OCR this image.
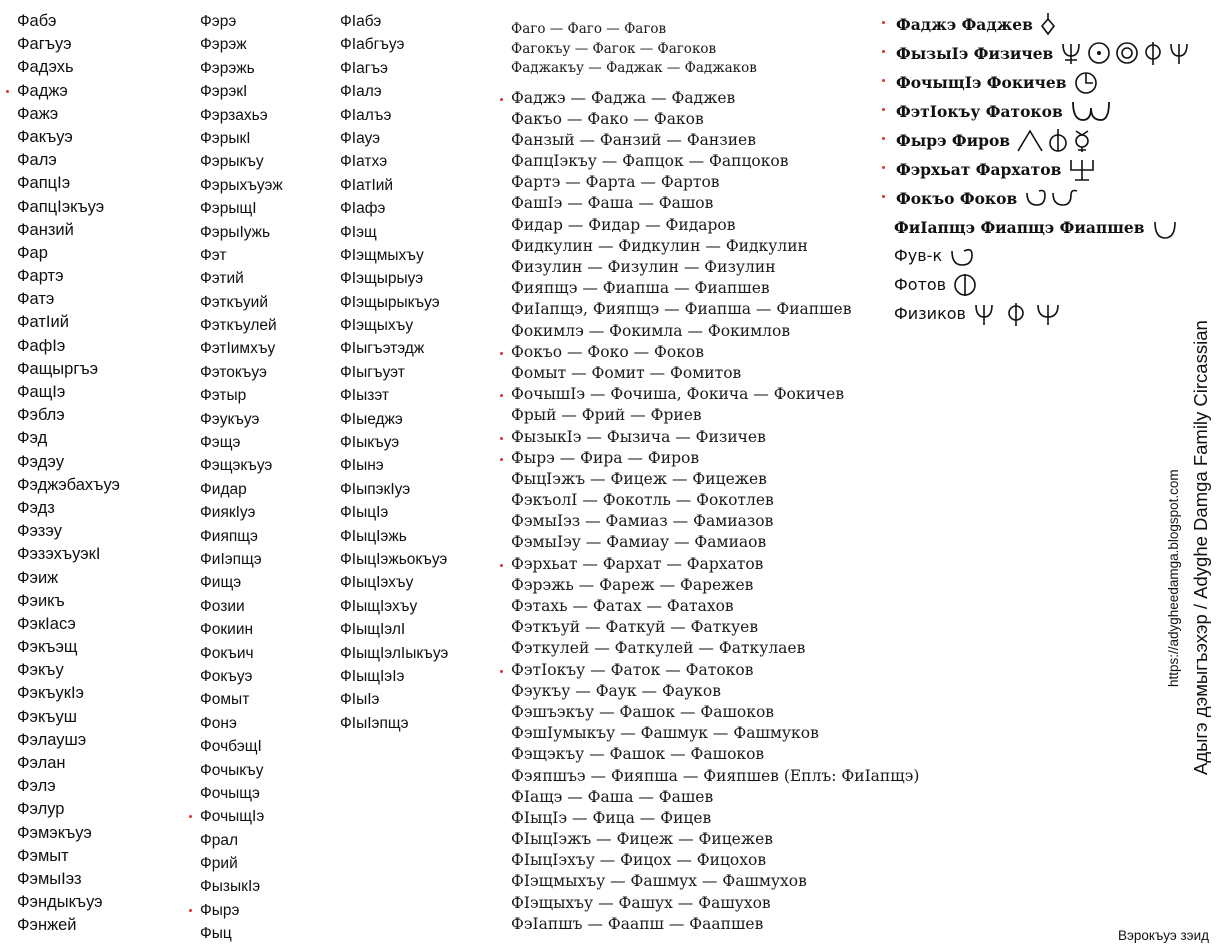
Фабэ
Фагъуэ
Фадэхь
Фаджэ
Фажэ
Факъуэ
Фалэ
ФапцIэ
ФапцIэкъуэ
Фанзий
Фар
Фартэ
Фатэ
ФатIий
ФафIэ
Фащыргъэ
ФащIэ
Фэблэ
Фэд
Фэдэу
Фэджэбахъуэ
Фэдз
Фэзэу
ФэзэхъуэкI
Фэиж
Фэикъ
ФэкIасэ
Фэкъэщ
Фэкъу
ФэкъукIэ
Фэкъуш
Фэлаушэ
Фэлан
Фэлэ
Фэлур
Фэмэкъуэ
Фэмыт
ФэмыIэз
Фэндыкъуэ
Фэнжей
Фэрэ
Фэрэж
Фэрэжь
ФэрэкI
Фэрзахьэ
ФэрыкI
Фэрыкъу
Фэрыхъуэж
ФэрыщI
ФэрыIужь
Фэт
Фэтий
Фэткъуий
Фэткъулей
ФэтIимхъу
Фэтокъуэ
Фэтыр
Фэукъуэ
Фэщэ
Фэщэкъуэ
Фидар
ФиякIуэ
Фияпщэ
ФиIэпщэ
Фищэ
Фозии
Фокиин
Фокъич
Фокъуэ
Фомыт
Фонэ
ФочбэщI
Фочыкъу
Фочыщэ
ФочыщIэ
Фрал
Фрий
ФызыкIэ
Фырэ
Фыц
ФIабэ
ФIабгъуэ
ФIагъэ
ФIалэ
ФIалъэ
ФIауэ
ФIатхэ
ФIатIий
ФIафэ
ФIэщ
ФIэщмыхъу
ФIэщырыуэ
ФIэщырыкъуэ
ФIэщыхъу
ФIыгъэтэдж
ФIыгъуэт
ФIызэт
ФIыеджэ
ФIыкъуэ
ФIынэ
ФIыпэкIуэ
ФIыцIэ
ФIыцIэжь
ФIыцIэжьокъуэ
ФIыцIэхъу
ФIыщIэхъу
ФIыщIэлI
ФIыщIэлIыкъуэ
ФIыщIэIэ
ФIыIэ
ФIыIэпщэ
Фаго — Фаго — Фагов
Фагокъу — Фагок — Фагоков
Фаджакъу — Фаджак — Фаджаков
Фаджэ — Фаджа — Фаджев
Факъо — Фако — Факов
Фанзый — Фанзий — Фанзиев
ФапцIэкъу — Фапцок — Фапцоков
Фартэ — Фарта — Фартов
ФашIэ — Фаша — Фашов
Фидар — Фидар — Фидаров
Фидкулин — Фидкулин — Фидкулин
Физулин — Физулин — Физулин
Фияпщэ — Фиапша — Фиапшев
ФиIапщэ, Фияпщэ — Фиапша — Фиапшев
Фокимлэ — Фокимла — Фокимлов
Фокъо — Фоко — Фоков
Фомыт — Фомит — Фомитов
ФочышIэ — Фочиша, Фокича — Фокичев
Фрый — Фрий — Фриев
ФызыкIэ — Фызича — Физичев
Фырэ — Фира — Фиров
ФыцIэжъ — Фицеж — Фицежев
ФэкъолI — Фокотль — Фокотлев
ФэмыIэз — Фамиаз — Фамиазов
ФэмыIэу — Фамиау — Фамиаов
Фэрхьат — Фархат — Фархатов
Фэрэжь — Фареж — Фарежев
Фэтахь — Фатах — Фатахов
Фэткъуй — Фаткуй — Фаткуев
Фэткулей — Фаткулей — Фаткулаев
ФэтIокъу — Фаток — Фатоков
Фэукъу — Фаук — Фауков
Фэшъэкъу — Фашок — Фашоков
ФэшIумыкъу — Фашмук — Фашмуков
Фэщэкъу — Фашок — Фашоков
Фэяпшъэ — Фияпша — Фияпшев (Еплъ: ФиIапщэ)
ФIащэ — Фаша — Фашев
ФIыцIэ — Фица — Фицев
ФIыцIэжъ — Фицеж — Фицежев
ФIыцIэхъу — Фицох — Фицохов
ФIэщмыхъу — Фашмух — Фашмухов
ФIэщыхъу — Фашух — Фашухов
ФэIапшъ — Фаапш — Фаапшев
Фаджэ Фаджев
ФызыIэ Физичев
ФочыщIэ Фокичев
ФэтIокъу Фатоков
Фырэ Фиров
Фэрхьат Фархатов
Фокъо Фоков
ФиIапщэ Фиапщэ Фиапшев
Фув-к
Фотов
Физиков
Адыгэ дэмыгъэхэр / Adyghe Damga Family Circassian
https://adygheedamga.blogspot.com
Вэрокъуэ зэид
